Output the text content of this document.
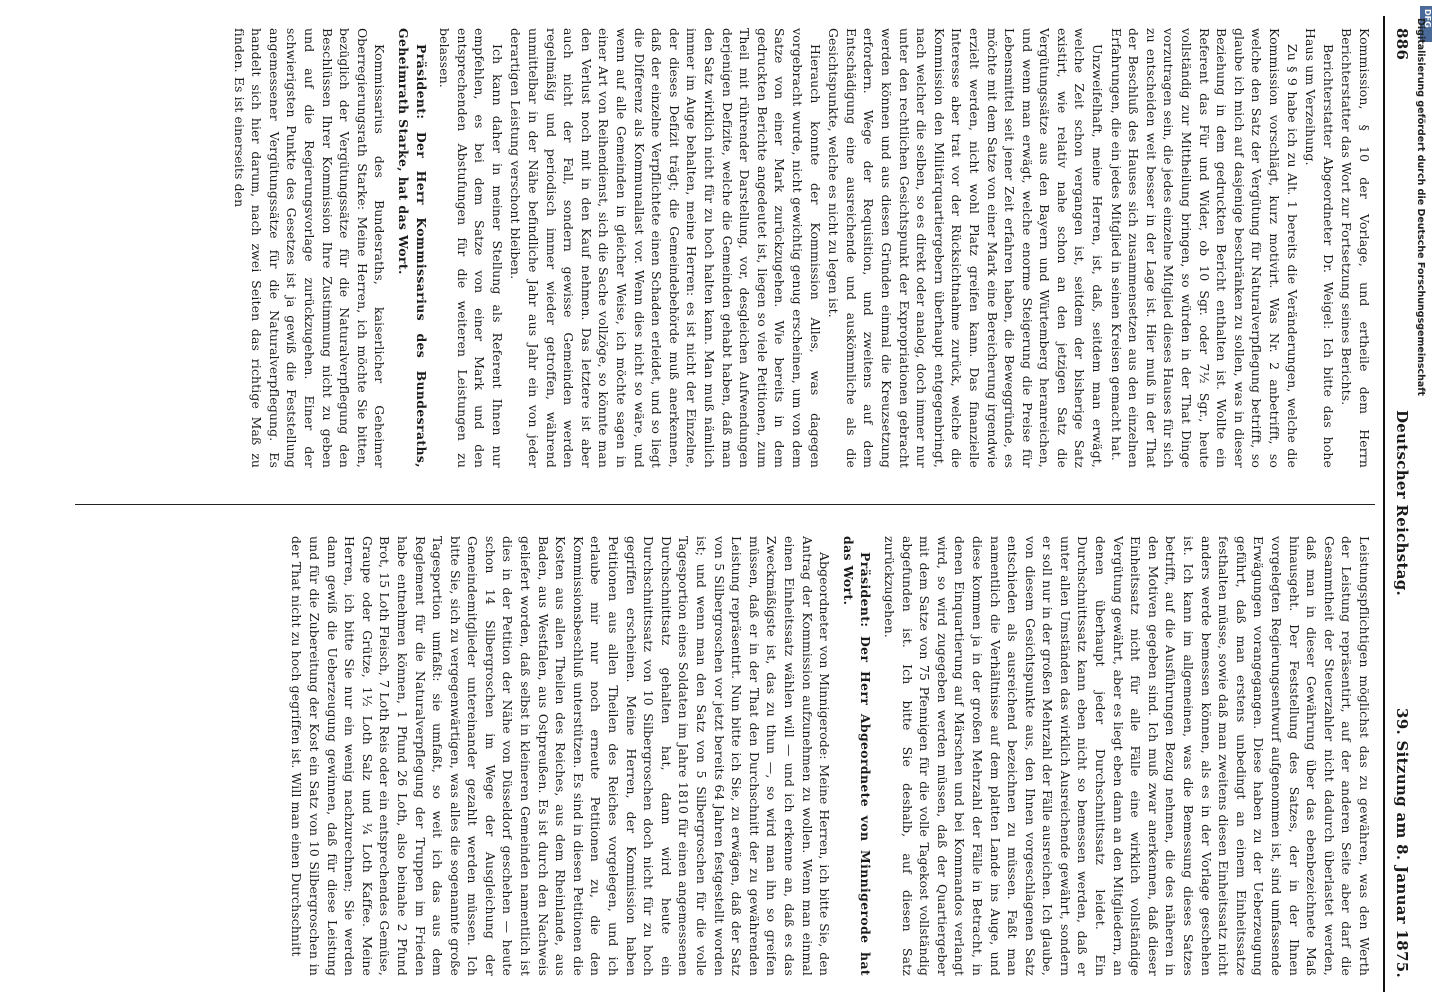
886
Deutscher Reichstag.
39. Sitzung am 8. Januar 1875.

Kommission, § 10 der Vorlage, und ertheile dem Herrn Berichterstatter das Wort zur Fortsetzung seines Berichts.

Berichterstatter Abgeordneter Dr. Weigel: Ich bitte das hohe Haus um Verzeihung.

Zu § 9 habe ich zu Alt. 1 bereits die Veränderungen, welche die Kommission vorschlägt, kurz motivirt. Was Nr. 2 anbetrifft, so welche den Satz der Vergütung für Naturalverpflegung betrifft, so glaube ich mich auf dasjenige beschränken zu sollen, was in dieser Beziehung in dem gedruckten Bericht enthalten ist. Wollte ein Referent das Für und Wider, ob 10 Sgr. oder 7½ Sgr., heute vollständig zur Mittheilung bringen, so würden in der That Dinge vorzutragen sein, die jedes einzelne Mitglied dieses Hauses für sich zu entscheiden weit besser in der Lage ist. Hier muß in der That der Beschluß des Hauses sich zusammensetzen aus den einzelnen Erfahrungen, die ein jedes Mitglied in seinen Kreisen gemacht hat.

Unzweifelhaft, meine Herren, ist, daß, seitdem man erwägt, welche Zeit schon vergangen ist, seitdem der bisherige Satz existirt, wie relativ nahe schon an den jetzigen Satz die Vergütungssätze aus den Bayern und Würtemberg heranreichen, und wenn man erwägt, welche enorme Steigerung die Preise für Lebensmittel seit jener Zeit erfahren haben, die Beweggründe, es möchte mit dem Satze von einer Mark eine Bereicherung irgendwie erzielt werden, nicht wohl Platz greifen kann. Das finanzielle Interesse aber trat vor der Rücksichtnahme zurück, welche die Kommission den Militärquartiergebern überhaupt entgegenbringt, nach welcher die selben, so es direkt oder analog, doch immer nur unter den rechtlichen Gesichtspunkt der Expropriationen gebracht werden können und aus diesen Gründen einmal die Kreuzsetzung erfordern. Wege der Requisition, und zweitens auf dem Entschädigung eine ausreichende und auskömmliche als die Gesichtspunkte, welche es nicht zu legen ist.

Hierauch konnte der Kommission Alles, was dagegen vorgebracht wurde, nicht gewichtig genug erscheinen, um von dem Satze von einer Mark zurückzugehen. Wie bereits in dem gedruckten Berichte angedeutet ist, liegen so viele Petitionen, zum Theil mit rührender Darstellung, vor, desgleichen Aufwendungen derjenigen Defizite, welche die Gemeinden gehabt haben, daß man den Satz wirklich nicht für zu hoch halten kann. Man muß nämlich immer im Auge behalten, meine Herren: es ist nicht der Einzelne, der dieses Defizit trägt; die Gemeindebehörde muß anerkennen, daß der einzelne Verpflichtete einen Schaden erleidet, und so liegt die Differenz als Kommunallast vor. Wenn dies nicht so wäre, und wenn auf alle Gemeinden in gleicher Weise, ich möchte sagen in einer Art von Reihendienst, sich die Sache vollzöge, so könnte man den Verlust noch mit in den Kauf nehmen. Das letztere ist aber auch nicht der Fall, sondern gewisse Gemeinden werden regelmäßig und periodisch immer wieder getroffen, während unmittelbar in der Nähe befindliche Jahr aus Jahr ein von jeder derartigen Leistung verschont bleiben.

Ich kann daher in meiner Stellung als Referent Ihnen nur empfehlen, es bei dem Satze von einer Mark und den entsprechenden Abstufungen für die weiteren Leistungen zu belassen.

Präsident: Der Herr Kommissarius des Bundesraths, Geheimrath Starke, hat das Wort.

Kommissarius des Bundesraths, kaiserlicher Geheimer Oberregierungsrath Starke: Meine Herren, ich möchte Sie bitten, bezüglich der Vergütungssätze für die Naturalverpflegung den Beschlüssen Ihrer Kommission Ihre Zustimmung nicht zu geben und auf die Regierungsvorlage zurückzugehen. Einer der schwierigsten Punkte des Gesetzes ist ja gewiß die Feststellung angemessener Vergütungssätze für die Naturalverpflegung. Es handelt sich hier darum, nach zwei Seiten das richtige Maß zu finden. Es ist einerseits den

Leistungspflichtigen möglichst das zu gewähren, was den Werth der Leistung repräsentirt, auf der anderen Seite aber darf die Gesammtheit der Steuerzahler nicht dadurch überlastet werden, daß man in dieser Gewährung über das ebenbezeichnete Maß hinausgeht. Der Feststellung des Satzes, der in der Ihnen vorgelegten Regierungsentwurf aufgenommen ist, sind umfassende Erwägungen vorangegangen. Diese haben zu der Ueberzeugung geführt, daß man erstens unbedingt an einem Einheitssatze festhalten müsse, sowie daß man zweitens diesen Einheitssatz nicht anders werde bemessen können, als es in der Vorlage geschehen ist. Ich kann im allgemeinen, was die Bemessung dieses Satzes betrifft, auf die Ausführungen Bezug nehmen, die des näheren in den Motiven gegeben sind. Ich muß zwar anerkennen, daß dieser Einheitssatz nicht für alle Fälle eine wirklich vollständige Vergütung gewährt, aber es liegt eben dann an den Mitgliedern, an denen überhaupt jeder Durchschnittssatz leidet. Ein Durchschnittssatz kann eben nicht so bemessen werden, daß er unter allen Umständen das wirklich Ausreichende gewährt, sondern er soll nur in der großen Mehrzahl der Fälle ausreichen. Ich glaube, von diesem Gesichtspunkte aus, den Ihnen vorgeschlagenen Satz entschieden als ausreichend bezeichnen zu müssen. Faßt man namentlich die Verhältnisse auf dem platten Lande ins Auge, und diese kommen ja in der großen Mehrzahl der Fälle in Betracht, in denen Einquartierung auf Märschen und bei Kommandos verlangt wird, so wird zugegeben werden müssen, daß der Quartiergeber mit dem Satze von 75 Pfennigen für die volle Tagekost vollständig abgefunden ist. Ich bitte Sie deshalb, auf diesen Satz zurückzugehen.

Präsident: Der Herr Abgeordnete von Minnigerode hat das Wort.

Abgeordneter von Minnigerode: Meine Herren, ich bitte Sie, den Antrag der Kommission aufzunehmen zu wollen. Wenn man einmal einen Einheitssatz wählen will — und ich erkenne an, daß es das Zweckmäßigste ist, das zu thun —, so wird man ihn so greifen müssen, daß er in der That den Durchschnitt der zu gewährenden Leistung repräsentirt. Nun bitte ich Sie, zu erwägen, daß der Satz von 5 Silbergroschen vor jetzt bereits 64 Jahren festgestellt worden ist; und wenn man den Satz von 5 Silbergroschen für die volle Tagesportion eines Soldaten im Jahre 1810 für einen angemessenen Durchschnittsatz gehalten hat, dann wird heute ein Durchschnittssatz von 10 Silbergroschen doch nicht für zu hoch gegriffen erscheinen. Meine Herren, der Kommission haben Petitionen aus allen Theilen des Reiches vorgelegen, und ich erlaube mir nur noch erneute Petitionen zu, die den Kommissionsbeschluß unterstützen. Es sind in diesen Petitionen die Kosten aus allen Theilen des Reiches, aus dem Rheinlande, aus Baden, aus Westfalen, aus Ostpreußen. Es ist durch den Nachweis geliefert worden, daß selbst in kleineren Gemeinden namentlich ist dies in der Petition der Nähe von Düsseldorf geschehen — heute schon 14 Silbergroschen im Wege der Ausgleichung der Gemeindemitglieder untereinander gezahlt werden müssen. Ich bitte Sie, sich zu vergegenwärtigen, was alles die sogenannte große Tagesportion umfaßt: sie umfaßt, so weit ich das aus dem Reglement für die Naturalverpflegung der Truppen im Frieden habe entnehmen können, 1 Pfund 26 Loth, also beinahe 2 Pfund Brot, 15 Loth Fleisch, 7 Loth Reis oder ein entsprechendes Gemüse, Graupe oder Grütze, 1½ Loth Salz und ¼ Loth Kaffee. Meine Herren, ich bitte Sie nur ein wenig nachzurechnen; Sie werden dann gewiß die Ueberzeugung gewinnen, daß für diese Leistung und für die Zubereitung der Kost ein Satz von 10 Silbergroschen in der That nicht zu hoch gegriffen ist. Will man einen Durchschnitt

DFG
Digitalisierung gefördert durch die Deutsche Forschungsgemeinschaft
